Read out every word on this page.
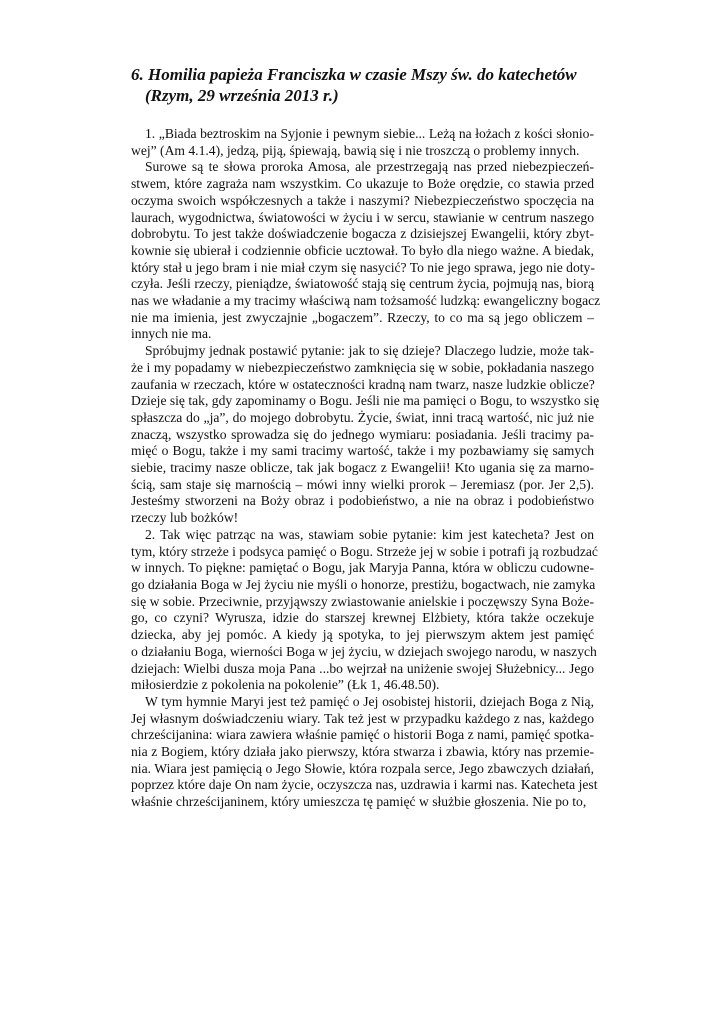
6. Homilia papieża Franciszka w czasie Mszy św. do katechetów
(Rzym, 29 września 2013 r.)

1. „Biada beztroskim na Syjonie i pewnym siebie... Leżą na łożach z kości słonio-
wej” (Am 4.1.4), jedzą, piją, śpiewają, bawią się i nie troszczą o problemy innych.

Surowe są te słowa proroka Amosa, ale przestrzegają nas przed niebezpieczeń-
stwem, które zagraża nam wszystkim. Co ukazuje to Boże orędzie, co stawia przed
oczyma swoich współczesnych a także i naszymi? Niebezpieczeństwo spoczęcia na
laurach, wygodnictwa, światowości w życiu i w sercu, stawianie w centrum naszego
dobrobytu. To jest także doświadczenie bogacza z dzisiejszej Ewangelii, który zbyt-
kownie się ubierał i codziennie obficie ucztował. To było dla niego ważne. A biedak,
który stał u jego bram i nie miał czym się nasycić? To nie jego sprawa, jego nie doty-
czyła. Jeśli rzeczy, pieniądze, światowość stają się centrum życia, pojmują nas, biorą
nas we władanie a my tracimy właściwą nam tożsamość ludzką: ewangeliczny bogacz
nie ma imienia, jest zwyczajnie „bogaczem”. Rzeczy, to co ma są jego obliczem –
innych nie ma.

Spróbujmy jednak postawić pytanie: jak to się dzieje? Dlaczego ludzie, może tak-
że i my popadamy w niebezpieczeństwo zamknięcia się w sobie, pokładania naszego
zaufania w rzeczach, które w ostateczności kradną nam twarz, nasze ludzkie oblicze?
Dzieje się tak, gdy zapominamy o Bogu. Jeśli nie ma pamięci o Bogu, to wszystko się
spłaszcza do „ja”, do mojego dobrobytu. Życie, świat, inni tracą wartość, nic już nie
znaczą, wszystko sprowadza się do jednego wymiaru: posiadania. Jeśli tracimy pa-
mięć o Bogu, także i my sami tracimy wartość, także i my pozbawiamy się samych
siebie, tracimy nasze oblicze, tak jak bogacz z Ewangelii! Kto ugania się za marno-
ścią, sam staje się marnością – mówi inny wielki prorok – Jeremiasz (por. Jer 2,5).
Jesteśmy stworzeni na Boży obraz i podobieństwo, a nie na obraz i podobieństwo
rzeczy lub bożków!

2. Tak więc patrząc na was, stawiam sobie pytanie: kim jest katecheta? Jest on
tym, który strzeże i podsyca pamięć o Bogu. Strzeże jej w sobie i potrafi ją rozbudzać
w innych. To piękne: pamiętać o Bogu, jak Maryja Panna, która w obliczu cudowne-
go działania Boga w Jej życiu nie myśli o honorze, prestiżu, bogactwach, nie zamyka
się w sobie. Przeciwnie, przyjąwszy zwiastowanie anielskie i poczęwszy Syna Boże-
go, co czyni? Wyrusza, idzie do starszej krewnej Elżbiety, która także oczekuje
dziecka, aby jej pomóc. A kiedy ją spotyka, to jej pierwszym aktem jest pamięć
o działaniu Boga, wierności Boga w jej życiu, w dziejach swojego narodu, w naszych
dziejach: Wielbi dusza moja Pana ...bo wejrzał na uniżenie swojej Służebnicy... Jego
miłosierdzie z pokolenia na pokolenie” (Łk 1, 46.48.50).

W tym hymnie Maryi jest też pamięć o Jej osobistej historii, dziejach Boga z Nią,
Jej własnym doświadczeniu wiary. Tak też jest w przypadku każdego z nas, każdego
chrześcijanina: wiara zawiera właśnie pamięć o historii Boga z nami, pamięć spotka-
nia z Bogiem, który działa jako pierwszy, która stwarza i zbawia, który nas przemie-
nia. Wiara jest pamięcią o Jego Słowie, która rozpala serce, Jego zbawczych działań,
poprzez które daje On nam życie, oczyszcza nas, uzdrawia i karmi nas. Katecheta jest
właśnie chrześcijaninem, który umieszcza tę pamięć w służbie głoszenia. Nie po to,
